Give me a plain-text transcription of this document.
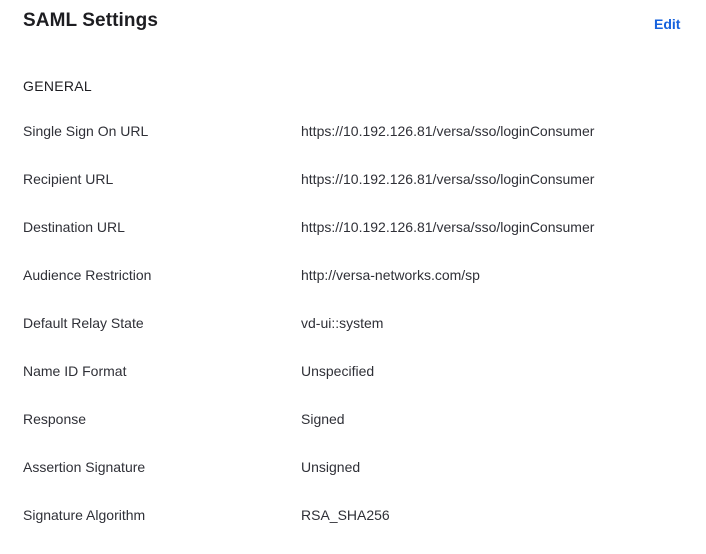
SAML Settings	Edit
GENERAL
Single Sign On URL	https://10.192.126.81/versa/sso/loginConsumer
Recipient URL	https://10.192.126.81/versa/sso/loginConsumer
Destination URL	https://10.192.126.81/versa/sso/loginConsumer
Audience Restriction	http://versa-networks.com/sp
Default Relay State	vd-ui::system
Name ID Format	Unspecified
Response	Signed
Assertion Signature	Unsigned
Signature Algorithm	RSA_SHA256
